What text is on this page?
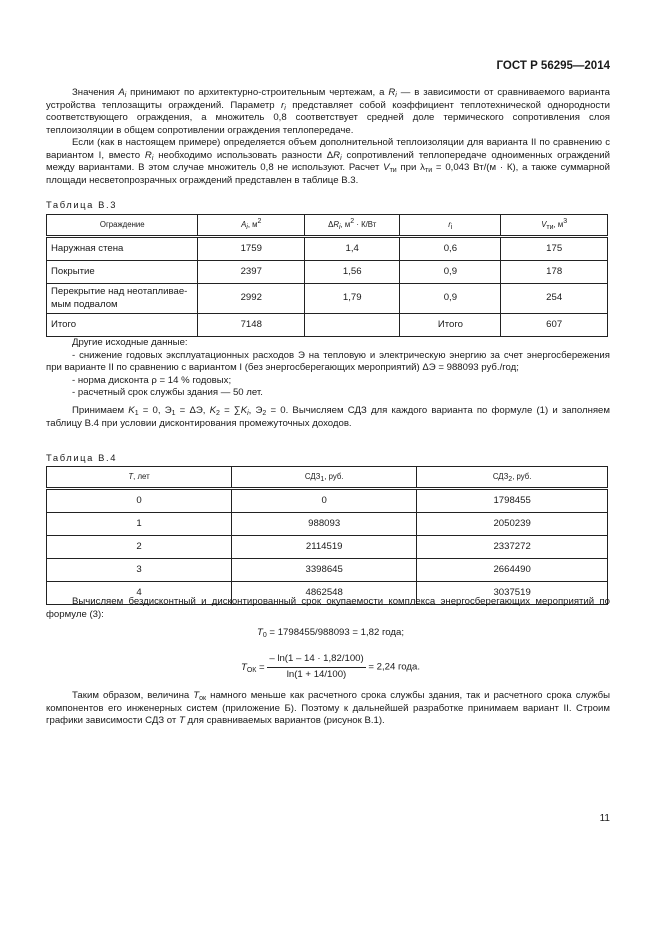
ГОСТ Р 56295—2014

Значения $A_i$ принимают по архитектурно-строительным чертежам, а $R_i$ — в зависимости от сравниваемого варианта устройства теплозащиты ограждений. Параметр $r_i$ представляет собой коэффициент теплотехнической однородности соответствующего ограждения, а множитель 0,8 соответствует средней доле термического сопротивления слоя теплоизоляции в общем сопротивлении ограждения теплопередаче.

Если (как в настоящем примере) определяется объем дополнительной теплоизоляции для варианта II по сравнению с вариантом I, вместо $R_i$ необходимо использовать разности $\Delta R_i$ сопротивлений теплопередаче одноименных ограждений между вариантами. В этом случае множитель 0,8 не используют. Расчет $V_{ти}$ при $\lambda_{ти} = 0,043$ Вт/(м · К), а также суммарной площади несветопрозрачных ограждений представлен в таблице В.3.

Таблица В.3
Ограждение	$A_i$, $м^2$	$\Delta R_i$, $м^2 \cdot К/Вт$	$r_i$	$V_{ти}$, $м^3$
Наружная стена	1759	1,4	0,6	175
Покрытие	2397	1,56	0,9	178
Перекрытие над неотапливае-мым подвалом	2992	1,79	0,9	254
Итого	7148		Итого	607

Другие исходные данные:

- снижение годовых эксплуатационных расходов Э на тепловую и электрическую энергию за счет энергосбережения при варианте II по сравнению с вариантом I (без энергосберегающих мероприятий) ΔЭ = 988093 руб./год;

- норма дисконта ρ = 14 % годовых;

- расчетный срок службы здания — 50 лет.

Принимаем $K_1 = 0$, $Э_1 = \Delta Э$, $K_2 = \sum K_i$, $Э_2 = 0$. Вычисляем СДЗ для каждого варианта по формуле (1) и заполняем таблицу В.4 при условии дисконтирования промежуточных доходов.

Таблица В.4
T, лет	$СДЗ_1$, руб.	$СДЗ_2$, руб.
0	0	1798455
1	988093	2050239
2	2114519	2337272
3	3398645	2664490
4	4862548	3037519

Вычисляем бездисконтный и дисконтированный срок окупаемости комплекса энергосберегающих мероприятий по формуле (3):

$T_0 = 1798455/988093 = 1,82$ года;
$T_{ОК} = \frac{- \ln(1 - 14 \cdot 1,82/100)}{\ln(1 + 14/100)} = 2,24$ года.

Таким образом, величина $T_{ок}$ намного меньше как расчетного срока службы здания, так и расчетного срока службы компонентов его инженерных систем (приложение Б). Поэтому к дальнейшей разработке принимаем вариант II. Строим графики зависимости СДЗ от T для сравниваемых вариантов (рисунок В.1).

11
